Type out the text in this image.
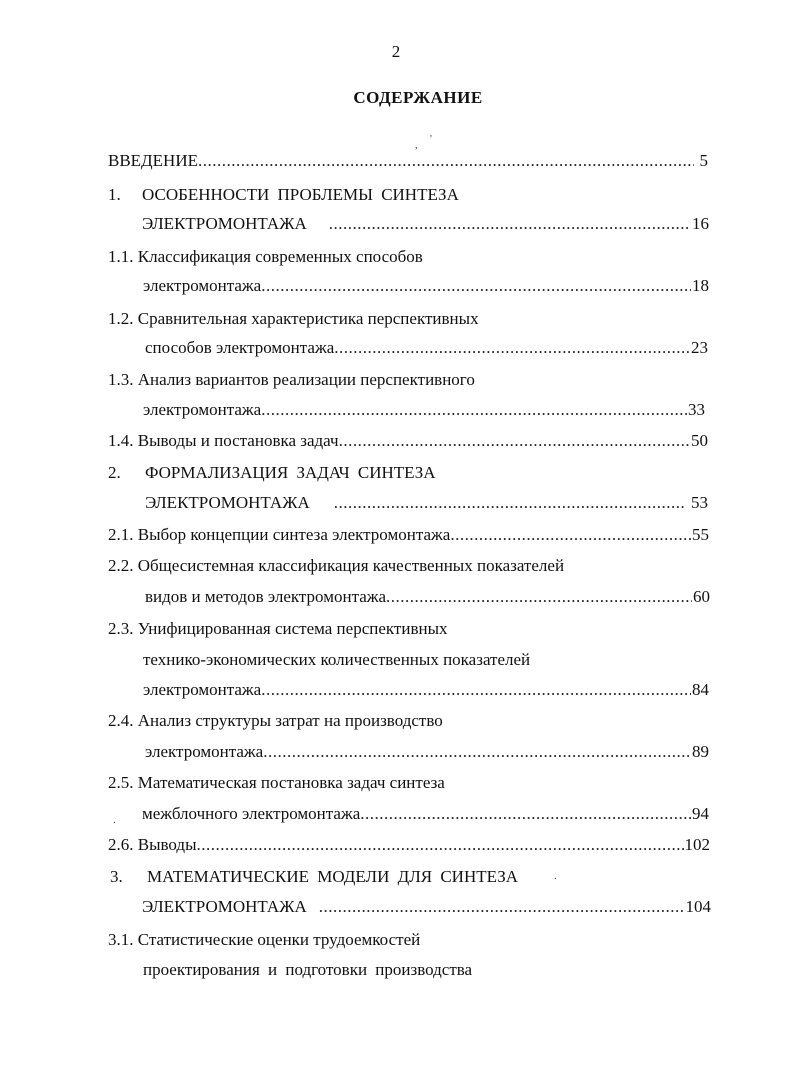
2
СОДЕРЖАНИЕ
, '
.
.
ВВЕДЕНИЕ .....	5
1. ОСОБЕННОСТИ ПРОБЛЕМЫ СИНТЕЗА
ЭЛЕКТРОМОНТАЖА .....	16
1.1. Классификация современных способов
электромонтажа .....	18
1.2. Сравнительная характеристика перспективных
способов электромонтажа .....	23
1.3. Анализ вариантов реализации перспективного
электромонтажа .....	33
1.4. Выводы и постановка задач .....	50
2. ФОРМАЛИЗАЦИЯ ЗАДАЧ СИНТЕЗА
ЭЛЕКТРОМОНТАЖА .....	53
2.1. Выбор концепции синтеза электромонтажа .....	55
2.2. Общесистемная классификация качественных показателей
видов и методов электромонтажа .....	60
2.3. Унифицированная система перспективных
технико-экономических количественных показателей
электромонтажа .....	84
2.4. Анализ структуры затрат на производство
электромонтажа .....	89
2.5. Математическая постановка задач синтеза
межблочного электромонтажа .....	94
2.6. Выводы .....	102
3. МАТЕМАТИЧЕСКИЕ МОДЕЛИ ДЛЯ СИНТЕЗА
ЭЛЕКТРОМОНТАЖА .....	104
3.1. Статистические оценки трудоемкостей
проектирования и подготовки производства
